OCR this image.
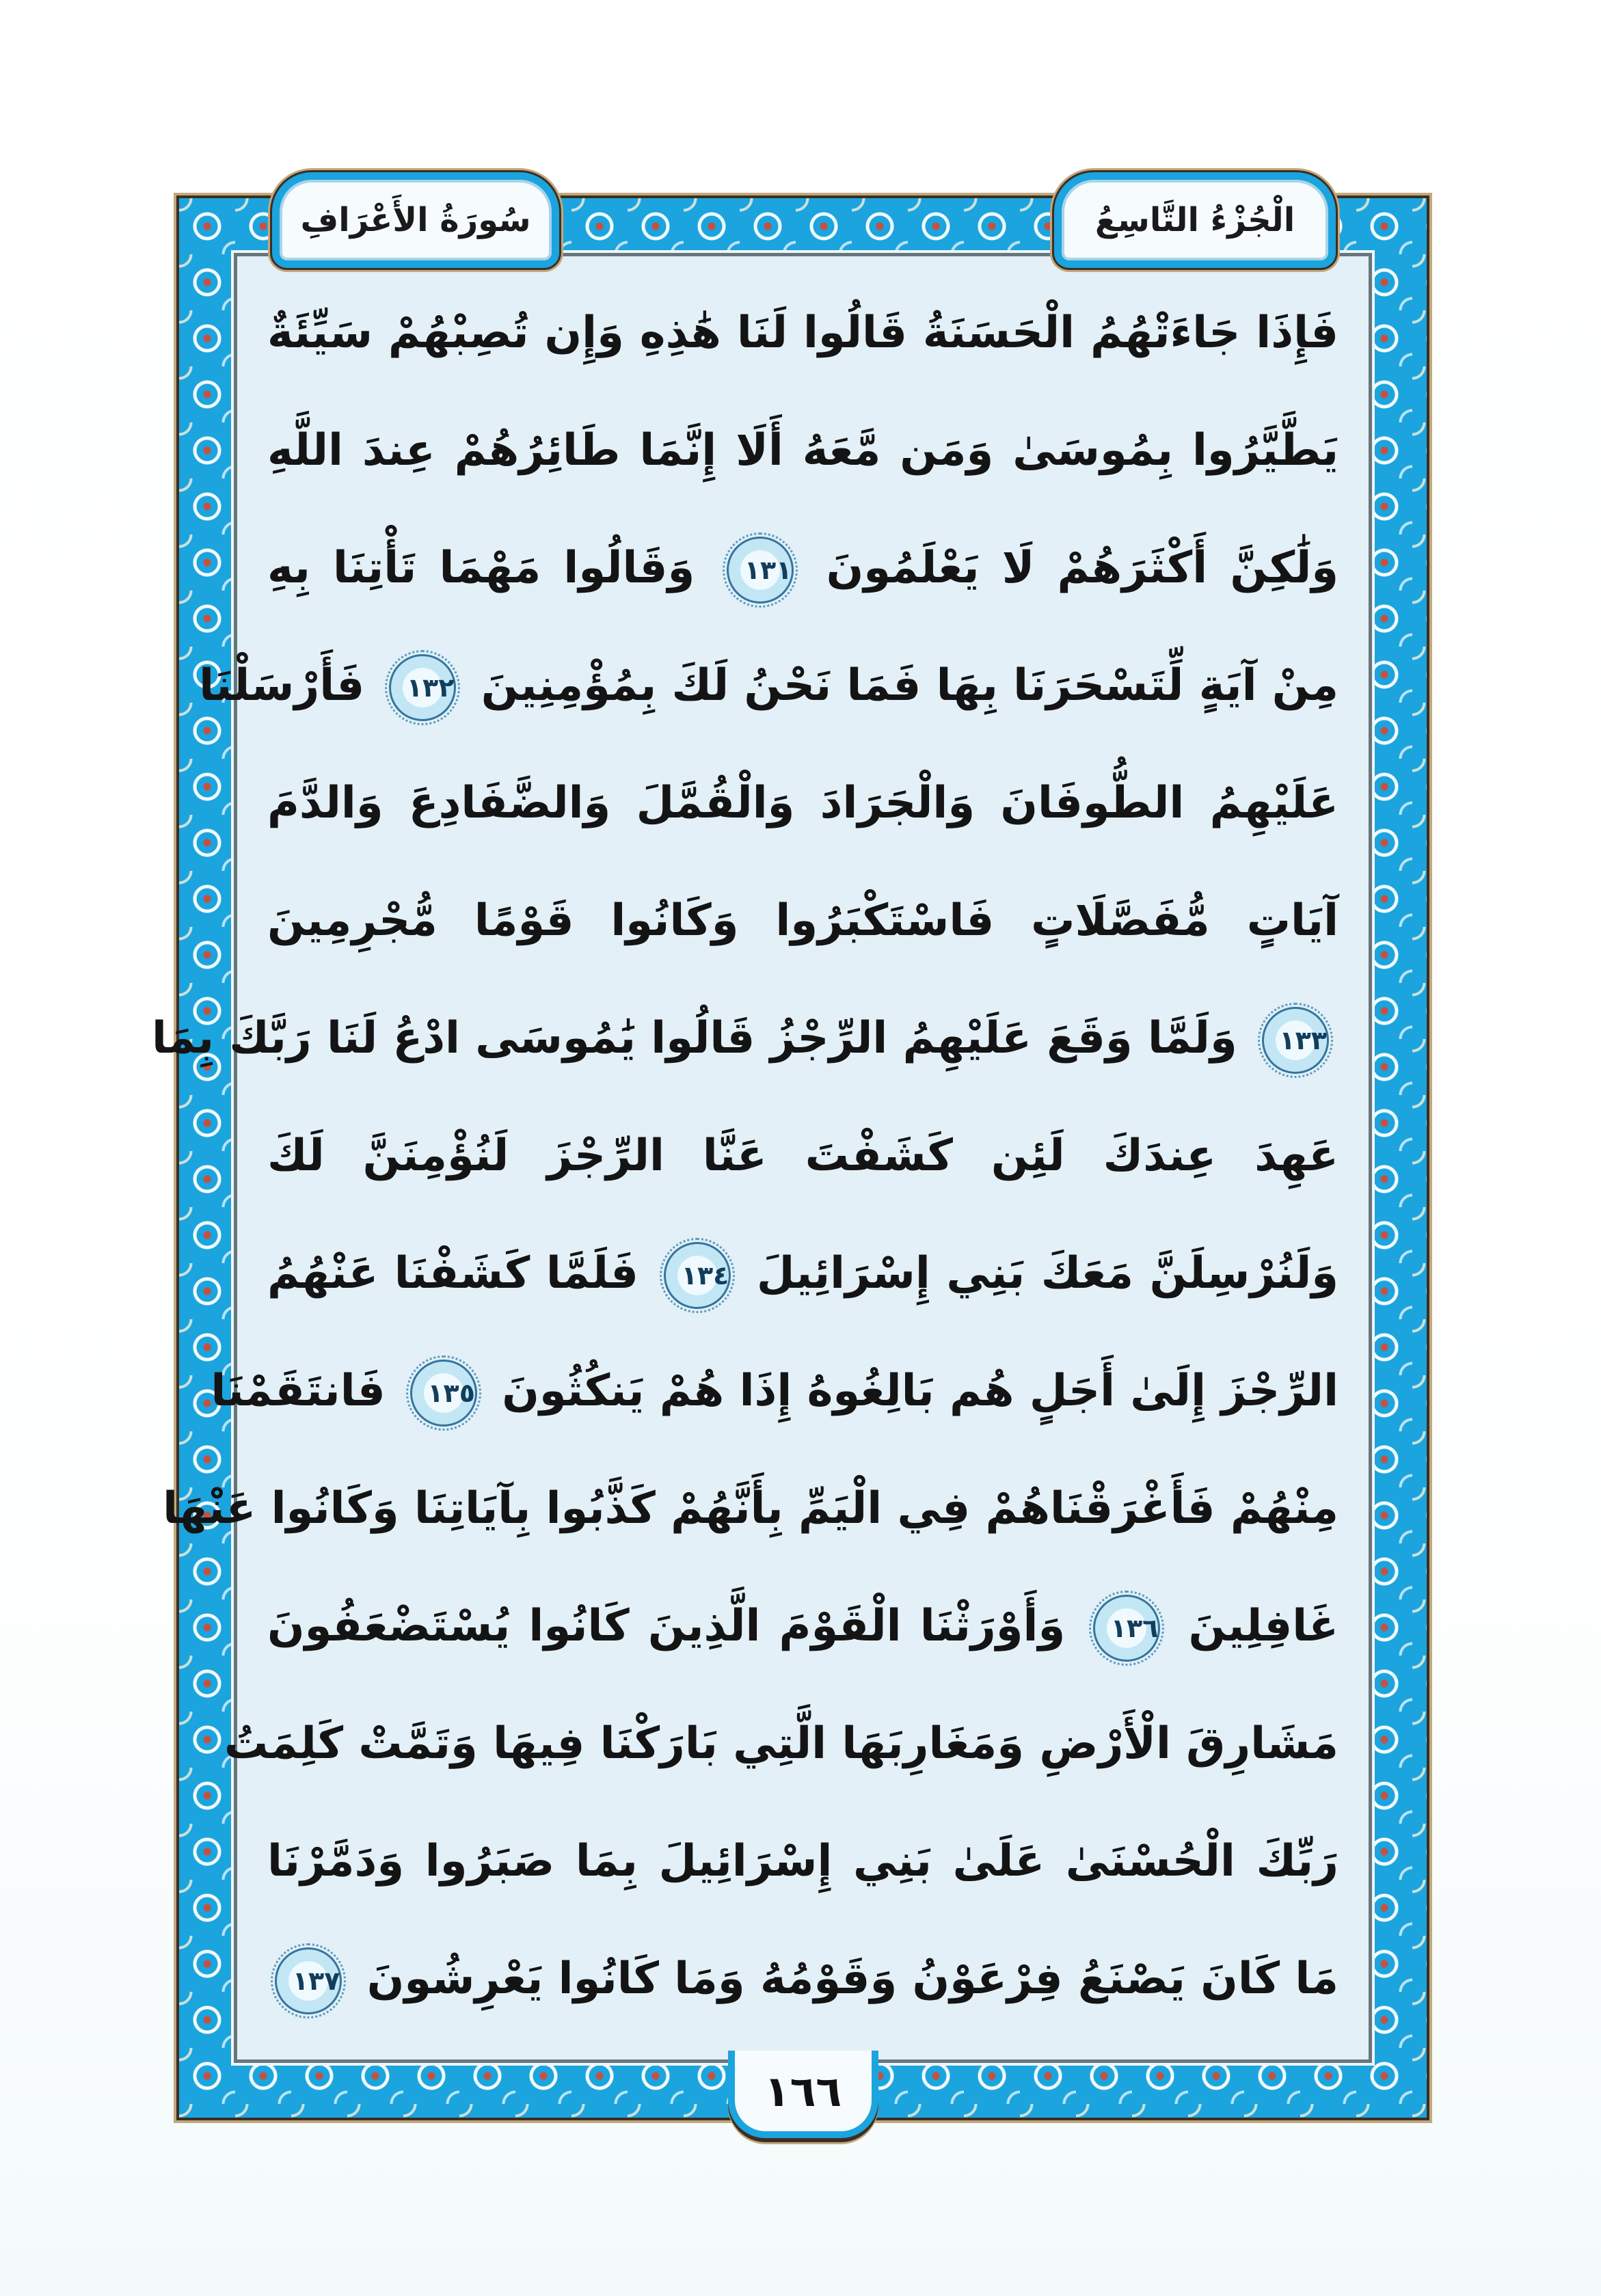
سُورَةُ الأَعْرَافِ	الْجُزْءُ التَّاسِعُ
فَإِذَا جَاءَتْهُمُ الْحَسَنَةُ قَالُوا لَنَا هَٰذِهِ وَإِن تُصِبْهُمْ سَيِّئَةٌ
يَطَّيَّرُوا بِمُوسَىٰ وَمَن مَّعَهُ أَلَا إِنَّمَا طَائِرُهُمْ عِندَ اللَّهِ
وَلَٰكِنَّ أَكْثَرَهُمْ لَا يَعْلَمُونَ ١٣١ وَقَالُوا مَهْمَا تَأْتِنَا بِهِ
مِنْ آيَةٍ لِّتَسْحَرَنَا بِهَا فَمَا نَحْنُ لَكَ بِمُؤْمِنِينَ ١٣٢ فَأَرْسَلْنَا
عَلَيْهِمُ الطُّوفَانَ وَالْجَرَادَ وَالْقُمَّلَ وَالضَّفَادِعَ وَالدَّمَ
آيَاتٍ مُّفَصَّلَاتٍ فَاسْتَكْبَرُوا وَكَانُوا قَوْمًا مُّجْرِمِينَ
١٣٣ وَلَمَّا وَقَعَ عَلَيْهِمُ الرِّجْزُ قَالُوا يَٰمُوسَى ادْعُ لَنَا رَبَّكَ بِمَا
عَهِدَ عِندَكَ لَئِن كَشَفْتَ عَنَّا الرِّجْزَ لَنُؤْمِنَنَّ لَكَ
وَلَنُرْسِلَنَّ مَعَكَ بَنِي إِسْرَائِيلَ ١٣٤ فَلَمَّا كَشَفْنَا عَنْهُمُ
الرِّجْزَ إِلَىٰ أَجَلٍ هُم بَالِغُوهُ إِذَا هُمْ يَنكُثُونَ ١٣٥ فَانتَقَمْنَا
مِنْهُمْ فَأَغْرَقْنَاهُمْ فِي الْيَمِّ بِأَنَّهُمْ كَذَّبُوا بِآيَاتِنَا وَكَانُوا عَنْهَا
غَافِلِينَ ١٣٦ وَأَوْرَثْنَا الْقَوْمَ الَّذِينَ كَانُوا يُسْتَضْعَفُونَ
مَشَارِقَ الْأَرْضِ وَمَغَارِبَهَا الَّتِي بَارَكْنَا فِيهَا وَتَمَّتْ كَلِمَتُ
رَبِّكَ الْحُسْنَىٰ عَلَىٰ بَنِي إِسْرَائِيلَ بِمَا صَبَرُوا وَدَمَّرْنَا
مَا كَانَ يَصْنَعُ فِرْعَوْنُ وَقَوْمُهُ وَمَا كَانُوا يَعْرِشُونَ ١٣٧
١٦٦
